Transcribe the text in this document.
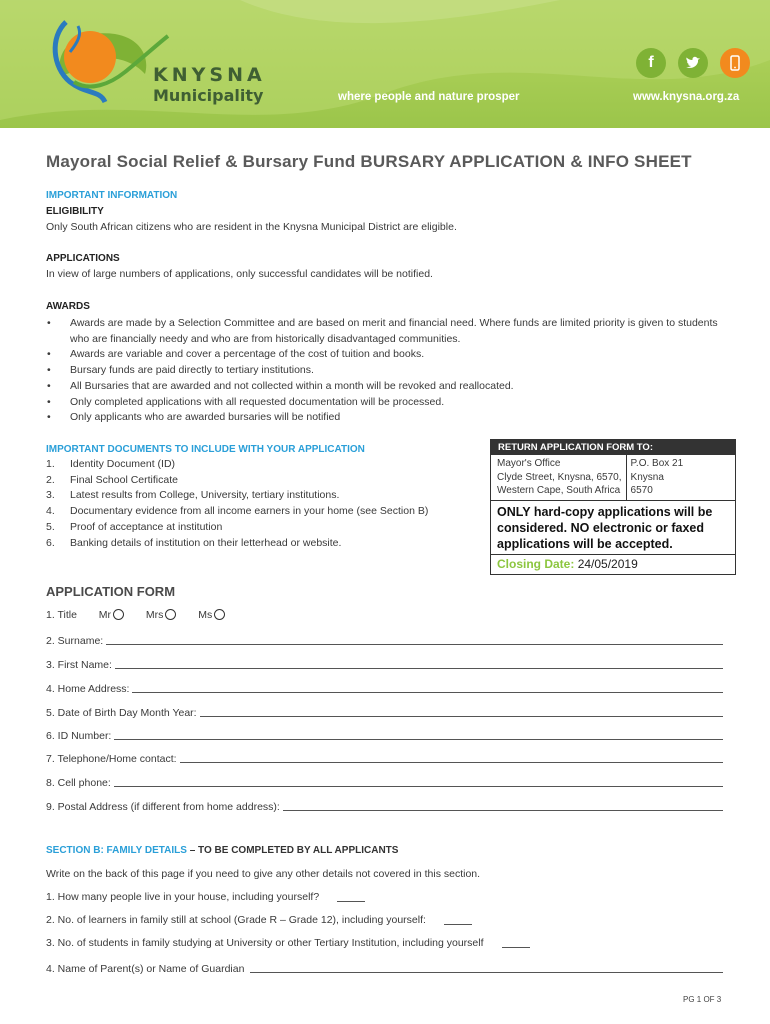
KNYSNA
Municipality	where people and nature prosper	www.knysna.org.za
f
Mayoral Social Relief & Bursary Fund BURSARY APPLICATION & INFO SHEET
IMPORTANT INFORMATION
ELIGIBILITY
Only South African citizens who are resident in the Knysna Municipal District are eligible.
APPLICATIONS
In view of large numbers of applications, only successful candidates will be notified.
AWARDS
• Awards are made by a Selection Committee and are based on merit and financial need. Where funds are limited priority is given to students who are financially needy and who are from historically disadvantaged communities.
• Awards are variable and cover a percentage of the cost of tuition and books.
• Bursary funds are paid directly to tertiary institutions.
• All Bursaries that are awarded and not collected within a month will be revoked and reallocated.
• Only completed applications with all requested documentation will be processed.
• Only applicants who are awarded bursaries will be notified
IMPORTANT DOCUMENTS TO INCLUDE WITH YOUR APPLICATION
1. Identity Document (ID)
2. Final School Certificate
3. Latest results from College, University, tertiary institutions.
4. Documentary evidence from all income earners in your home (see Section B)
5. Proof of acceptance at institution
6. Banking details of institution on their letterhead or website.
RETURN APPLICATION FORM TO:
Mayor's Office
Clyde Street, Knysna, 6570,
Western Cape, South Africa
P.O. Box 21
Knysna
6570
ONLY hard-copy applications will be considered. NO electronic or faxed applications will be accepted.
Closing Date: 24/05/2019
APPLICATION FORM
1. Title Mr	Mrs	Ms
2. Surname:
3. First Name:
4. Home Address:
5. Date of Birth Day Month Year:
6. ID Number:
7. Telephone/Home contact:
8. Cell phone:
9. Postal Address (if different from home address):
SECTION B: FAMILY DETAILS – TO BE COMPLETED BY ALL APPLICANTS
Write on the back of this page if you need to give any other details not covered in this section.
1. How many people live in your house, including yourself?
2. No. of learners in family still at school (Grade R – Grade 12), including yourself:
3. No. of students in family studying at University or other Tertiary Institution, including yourself
4. Name of Parent(s) or Name of Guardian
PG 1 OF 3
